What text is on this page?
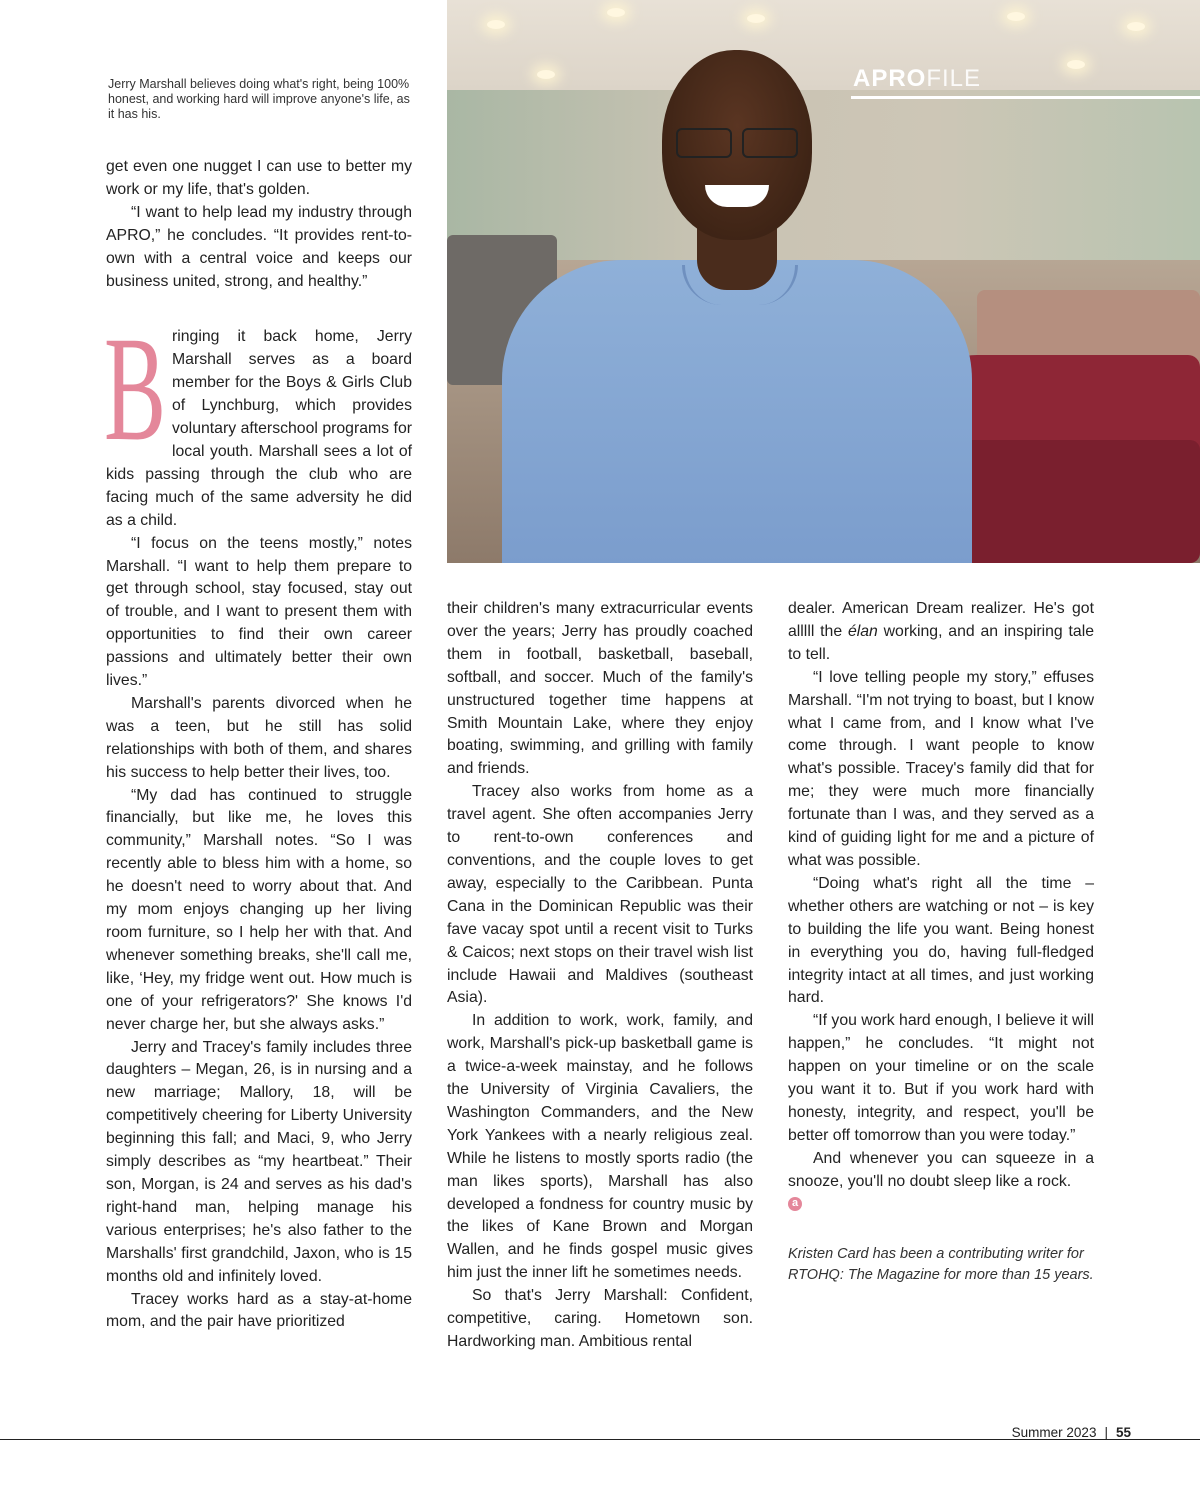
Jerry Marshall believes doing what's right, being 100% honest, and working hard will improve anyone's life, as it has his.

get even one nugget I can use to better my work or my life, that's golden.

“I want to help lead my industry through APRO,” he concludes. “It provides rent-to-own with a central voice and keeps our business united, strong, and healthy.”

Bringing it back home, Jerry Marshall serves as a board member for the Boys & Girls Club of Lynchburg, which provides voluntary afterschool programs for local youth. Marshall sees a lot of kids passing through the club who are facing much of the same adversity he did as a child.

“I focus on the teens mostly,” notes Marshall. “I want to help them prepare to get through school, stay focused, stay out of trouble, and I want to present them with opportunities to find their own career passions and ultimately better their own lives.”

Marshall's parents divorced when he was a teen, but he still has solid relationships with both of them, and shares his success to help better their lives, too.

“My dad has continued to struggle financially, but like me, he loves this community,” Marshall notes. “So I was recently able to bless him with a home, so he doesn't need to worry about that. And my mom enjoys changing up her living room furniture, so I help her with that. And whenever something breaks, she'll call me, like, ‘Hey, my fridge went out. How much is one of your refrigerators?' She knows I'd never charge her, but she always asks.”

Jerry and Tracey's family includes three daughters – Megan, 26, is in nursing and a new marriage; Mallory, 18, will be competitively cheering for Liberty University beginning this fall; and Maci, 9, who Jerry simply describes as “my heartbeat.” Their son, Morgan, is 24 and serves as his dad's right-hand man, helping manage his various enterprises; he's also father to the Marshalls' first grandchild, Jaxon, who is 15 months old and infinitely loved.

Tracey works hard as a stay-at-home mom, and the pair have prioritized

APROFILE

their children's many extracurricular events over the years; Jerry has proudly coached them in football, basketball, baseball, softball, and soccer. Much of the family's unstructured together time happens at Smith Mountain Lake, where they enjoy boating, swimming, and grilling with family and friends.

Tracey also works from home as a travel agent. She often accompanies Jerry to rent-to-own conferences and conventions, and the couple loves to get away, especially to the Caribbean. Punta Cana in the Dominican Republic was their fave vacay spot until a recent visit to Turks & Caicos; next stops on their travel wish list include Hawaii and Maldives (southeast Asia).

In addition to work, work, family, and work, Marshall's pick-up basketball game is a twice-a-week mainstay, and he follows the University of Virginia Cavaliers, the Washington Commanders, and the New York Yankees with a nearly religious zeal. While he listens to mostly sports radio (the man likes sports), Marshall has also developed a fondness for country music by the likes of Kane Brown and Morgan Wallen, and he finds gospel music gives him just the inner lift he sometimes needs.

So that's Jerry Marshall: Confident, competitive, caring. Hometown son. Hardworking man. Ambitious rental

dealer. American Dream realizer. He's got alllll the élan working, and an inspiring tale to tell.

“I love telling people my story,” effuses Marshall. “I'm not trying to boast, but I know what I came from, and I know what I've come through. I want people to know what's possible. Tracey's family did that for me; they were much more financially fortunate than I was, and they served as a kind of guiding light for me and a picture of what was possible.

“Doing what's right all the time – whether others are watching or not – is key to building the life you want. Being honest in everything you do, having full-fledged integrity intact at all times, and just working hard.

“If you work hard enough, I believe it will happen,” he concludes. “It might not happen on your timeline or on the scale you want it to. But if you work hard with honesty, integrity, and respect, you'll be better off tomorrow than you were today.”

And whenever you can squeeze in a snooze, you'll no doubt sleep like a rock.

a

Kristen Card has been a contributing writer for RTOHQ: The Magazine for more than 15 years.

Summer 2023 | 55
